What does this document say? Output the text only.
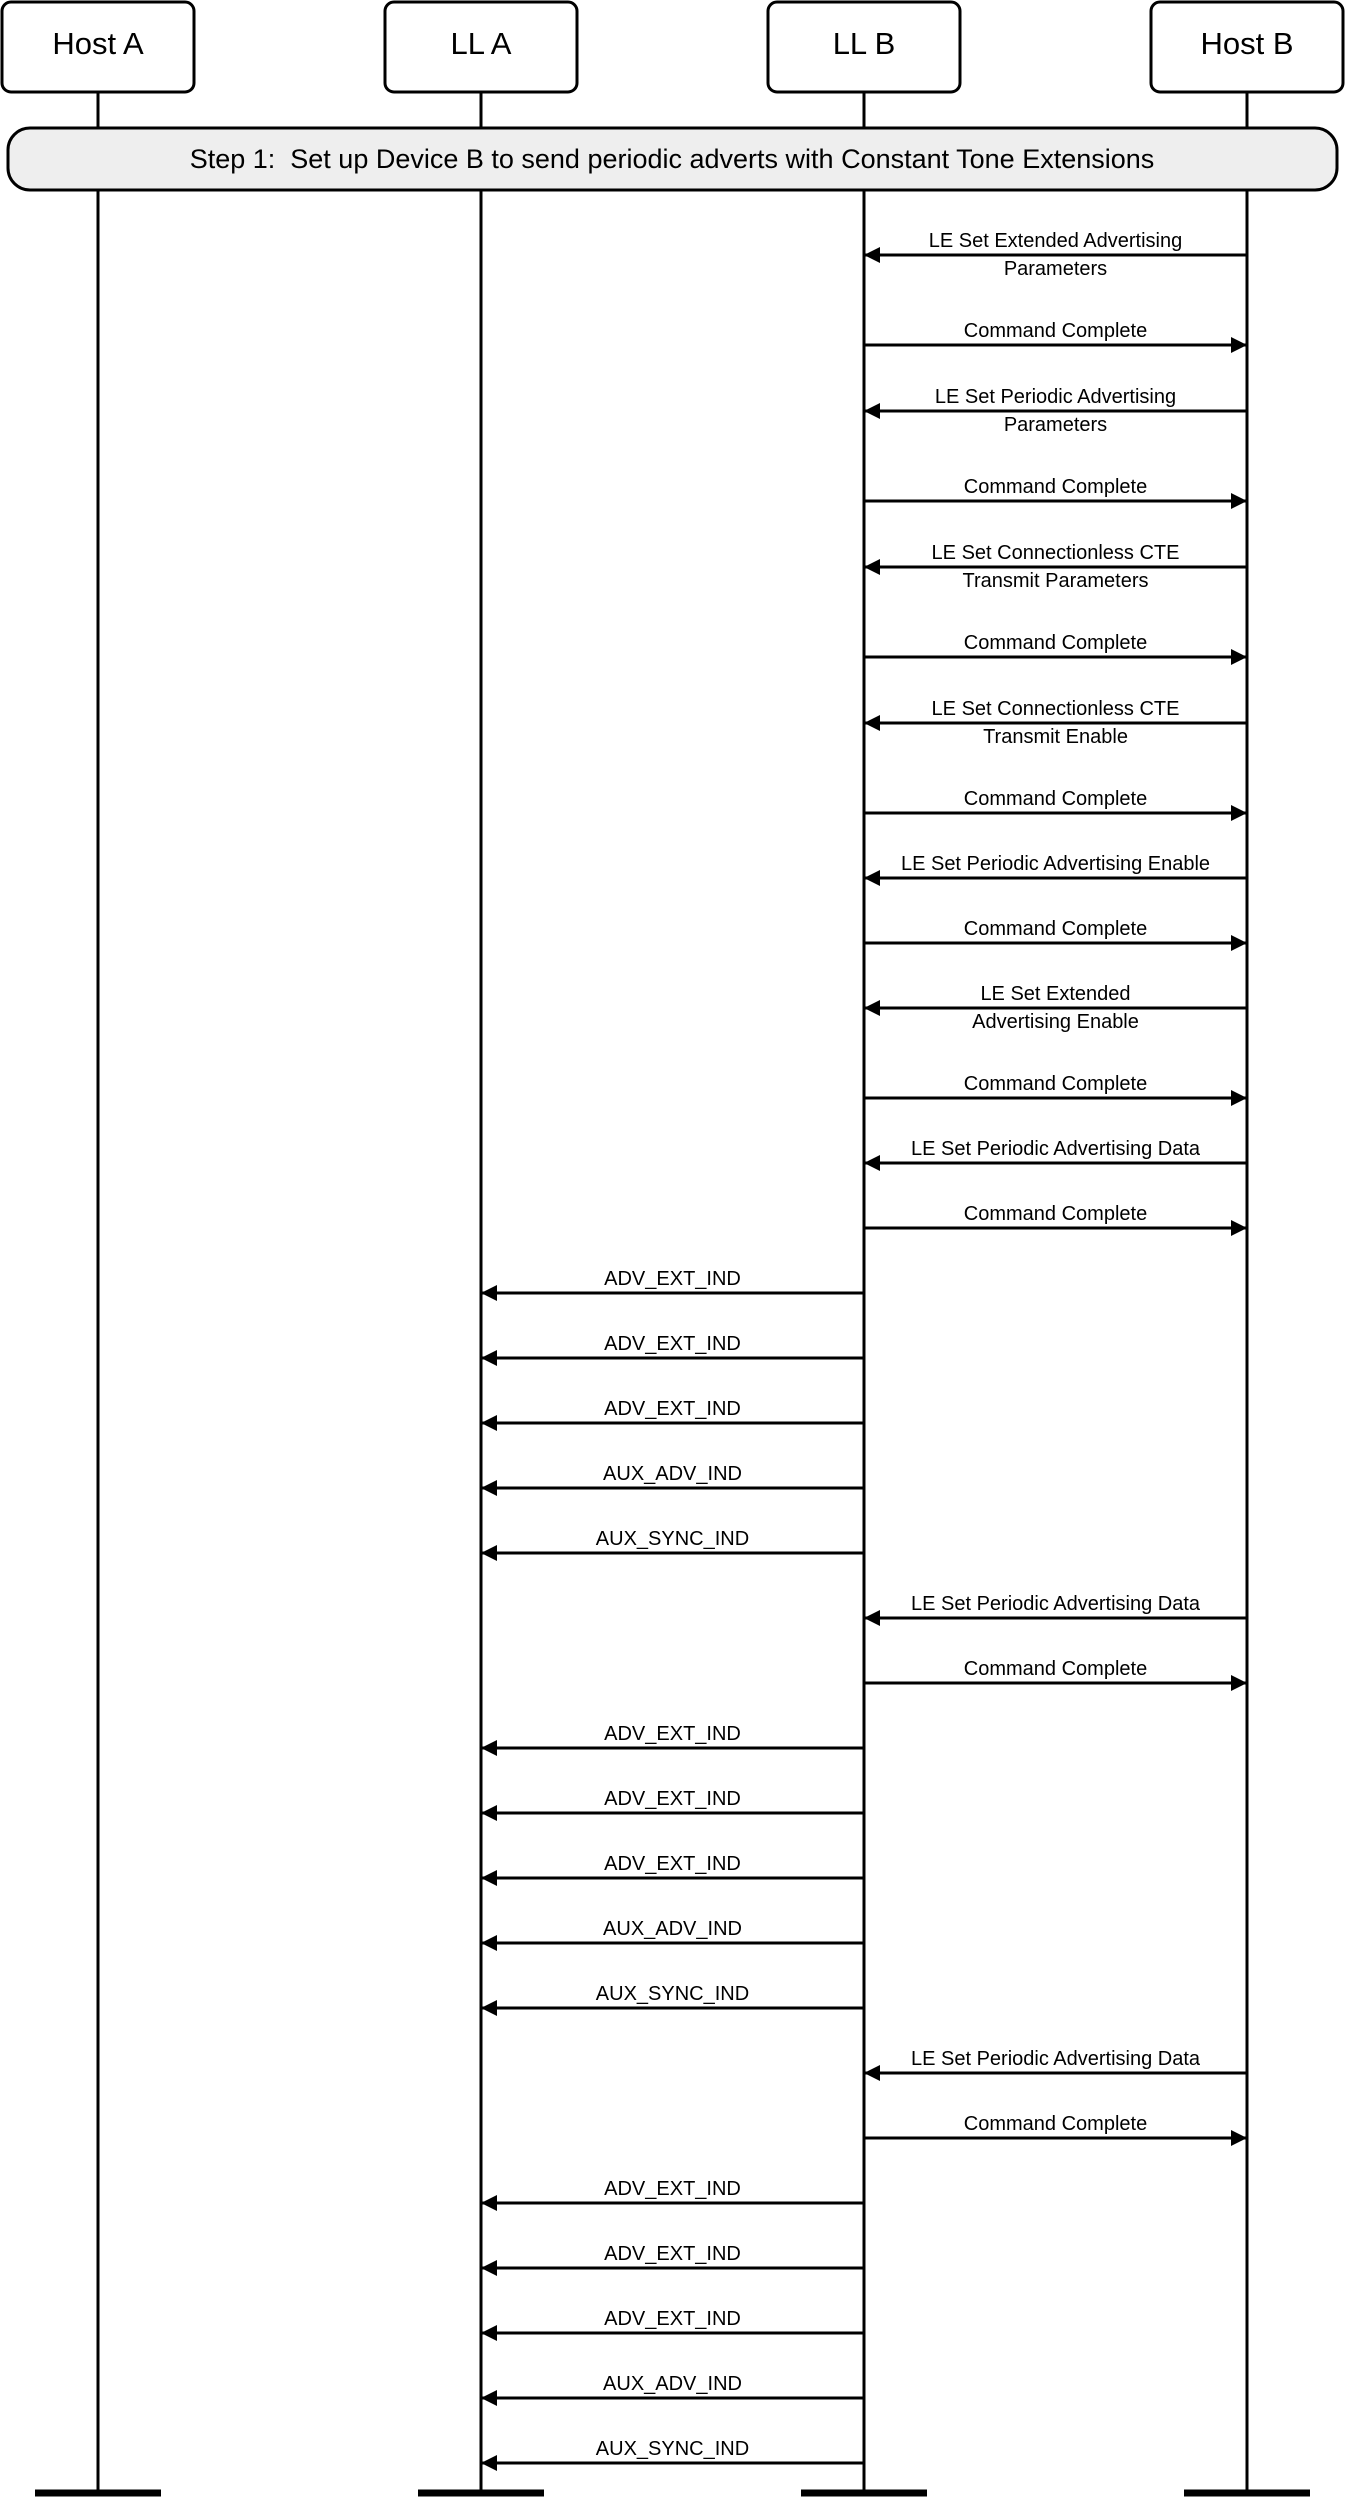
Host A	LL A	LL B	Host B
Step 1:  Set up Device B to send periodic adverts with Constant Tone Extensions
LE Set Extended Advertising
Parameters
Command Complete
LE Set Periodic Advertising
Parameters
Command Complete
LE Set Connectionless CTE
Transmit Parameters
Command Complete
LE Set Connectionless CTE
Transmit Enable
Command Complete
LE Set Periodic Advertising Enable
Command Complete
LE Set Extended
Advertising Enable
Command Complete
LE Set Periodic Advertising Data
Command Complete
ADV_EXT_IND
ADV_EXT_IND
ADV_EXT_IND
AUX_ADV_IND
AUX_SYNC_IND
LE Set Periodic Advertising Data
Command Complete
ADV_EXT_IND
ADV_EXT_IND
ADV_EXT_IND
AUX_ADV_IND
AUX_SYNC_IND
LE Set Periodic Advertising Data
Command Complete
ADV_EXT_IND
ADV_EXT_IND
ADV_EXT_IND
AUX_ADV_IND
AUX_SYNC_IND
